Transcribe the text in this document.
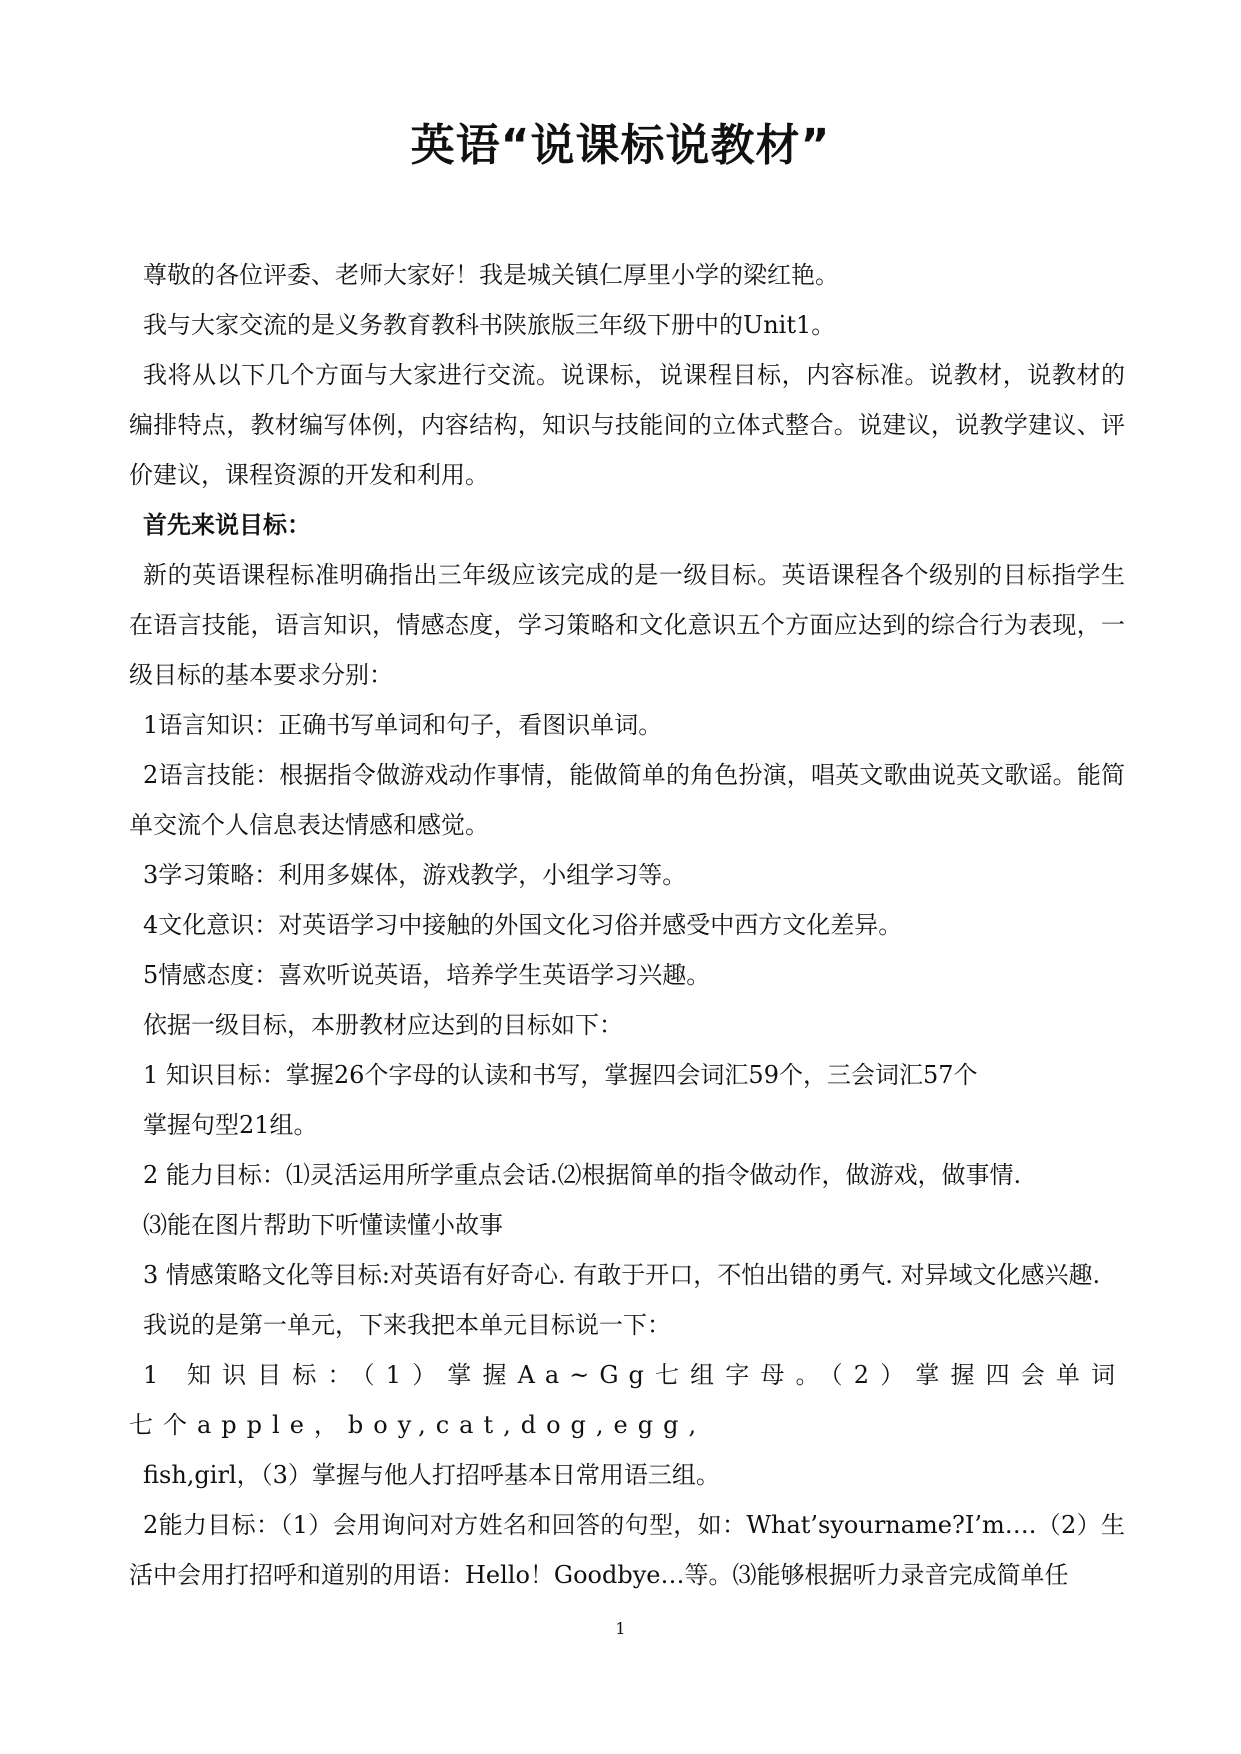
英语“说课标说教材”

尊敬的各位评委、老师大家好！我是城关镇仁厚里小学的梁红艳。

我与大家交流的是义务教育教科书陕旅版三年级下册中的Unit1。

我将从以下几个方面与大家进行交流。说课标，说课程目标，内容标准。说教材，说教材的编排特点，教材编写体例，内容结构，知识与技能间的立体式整合。说建议，说教学建议、评价建议，课程资源的开发和利用。

首先来说目标：

新的英语课程标准明确指出三年级应该完成的是一级目标。英语课程各个级别的目标指学生在语言技能，语言知识，情感态度，学习策略和文化意识五个方面应达到的综合行为表现，一级目标的基本要求分别：

1语言知识：正确书写单词和句子，看图识单词。

2语言技能：根据指令做游戏动作事情，能做简单的角色扮演，唱英文歌曲说英文歌谣。能简单交流个人信息表达情感和感觉。

3学习策略：利用多媒体，游戏教学，小组学习等。

4文化意识：对英语学习中接触的外国文化习俗并感受中西方文化差异。

5情感态度：喜欢听说英语，培养学生英语学习兴趣。

依据一级目标，本册教材应达到的目标如下：

1 知识目标：掌握26个字母的认读和书写，掌握四会词汇59个，三会词汇57个

掌握句型21组。

2 能力目标：⑴灵活运用所学重点会话.⑵根据简单的指令做动作，做游戏，做事情.

⑶能在图片帮助下听懂读懂小故事

3 情感策略文化等目标:对英语有好奇心. 有敢于开口，不怕出错的勇气. 对异域文化感兴趣.

我说的是第一单元，下来我把本单元目标说一下：

1 知识目标：（1）掌握Aa~Gg七组字母。（2）掌握四会单词七个apple，boy,cat,dog,egg,

fish,girl，（3）掌握与他人打招呼基本日常用语三组。

2能力目标：（1）会用询问对方姓名和回答的句型，如：What’syourname?I’m….（2）生活中会用打招呼和道别的用语：Hello！Goodbye…等。⑶能够根据听力录音完成简单任

1
